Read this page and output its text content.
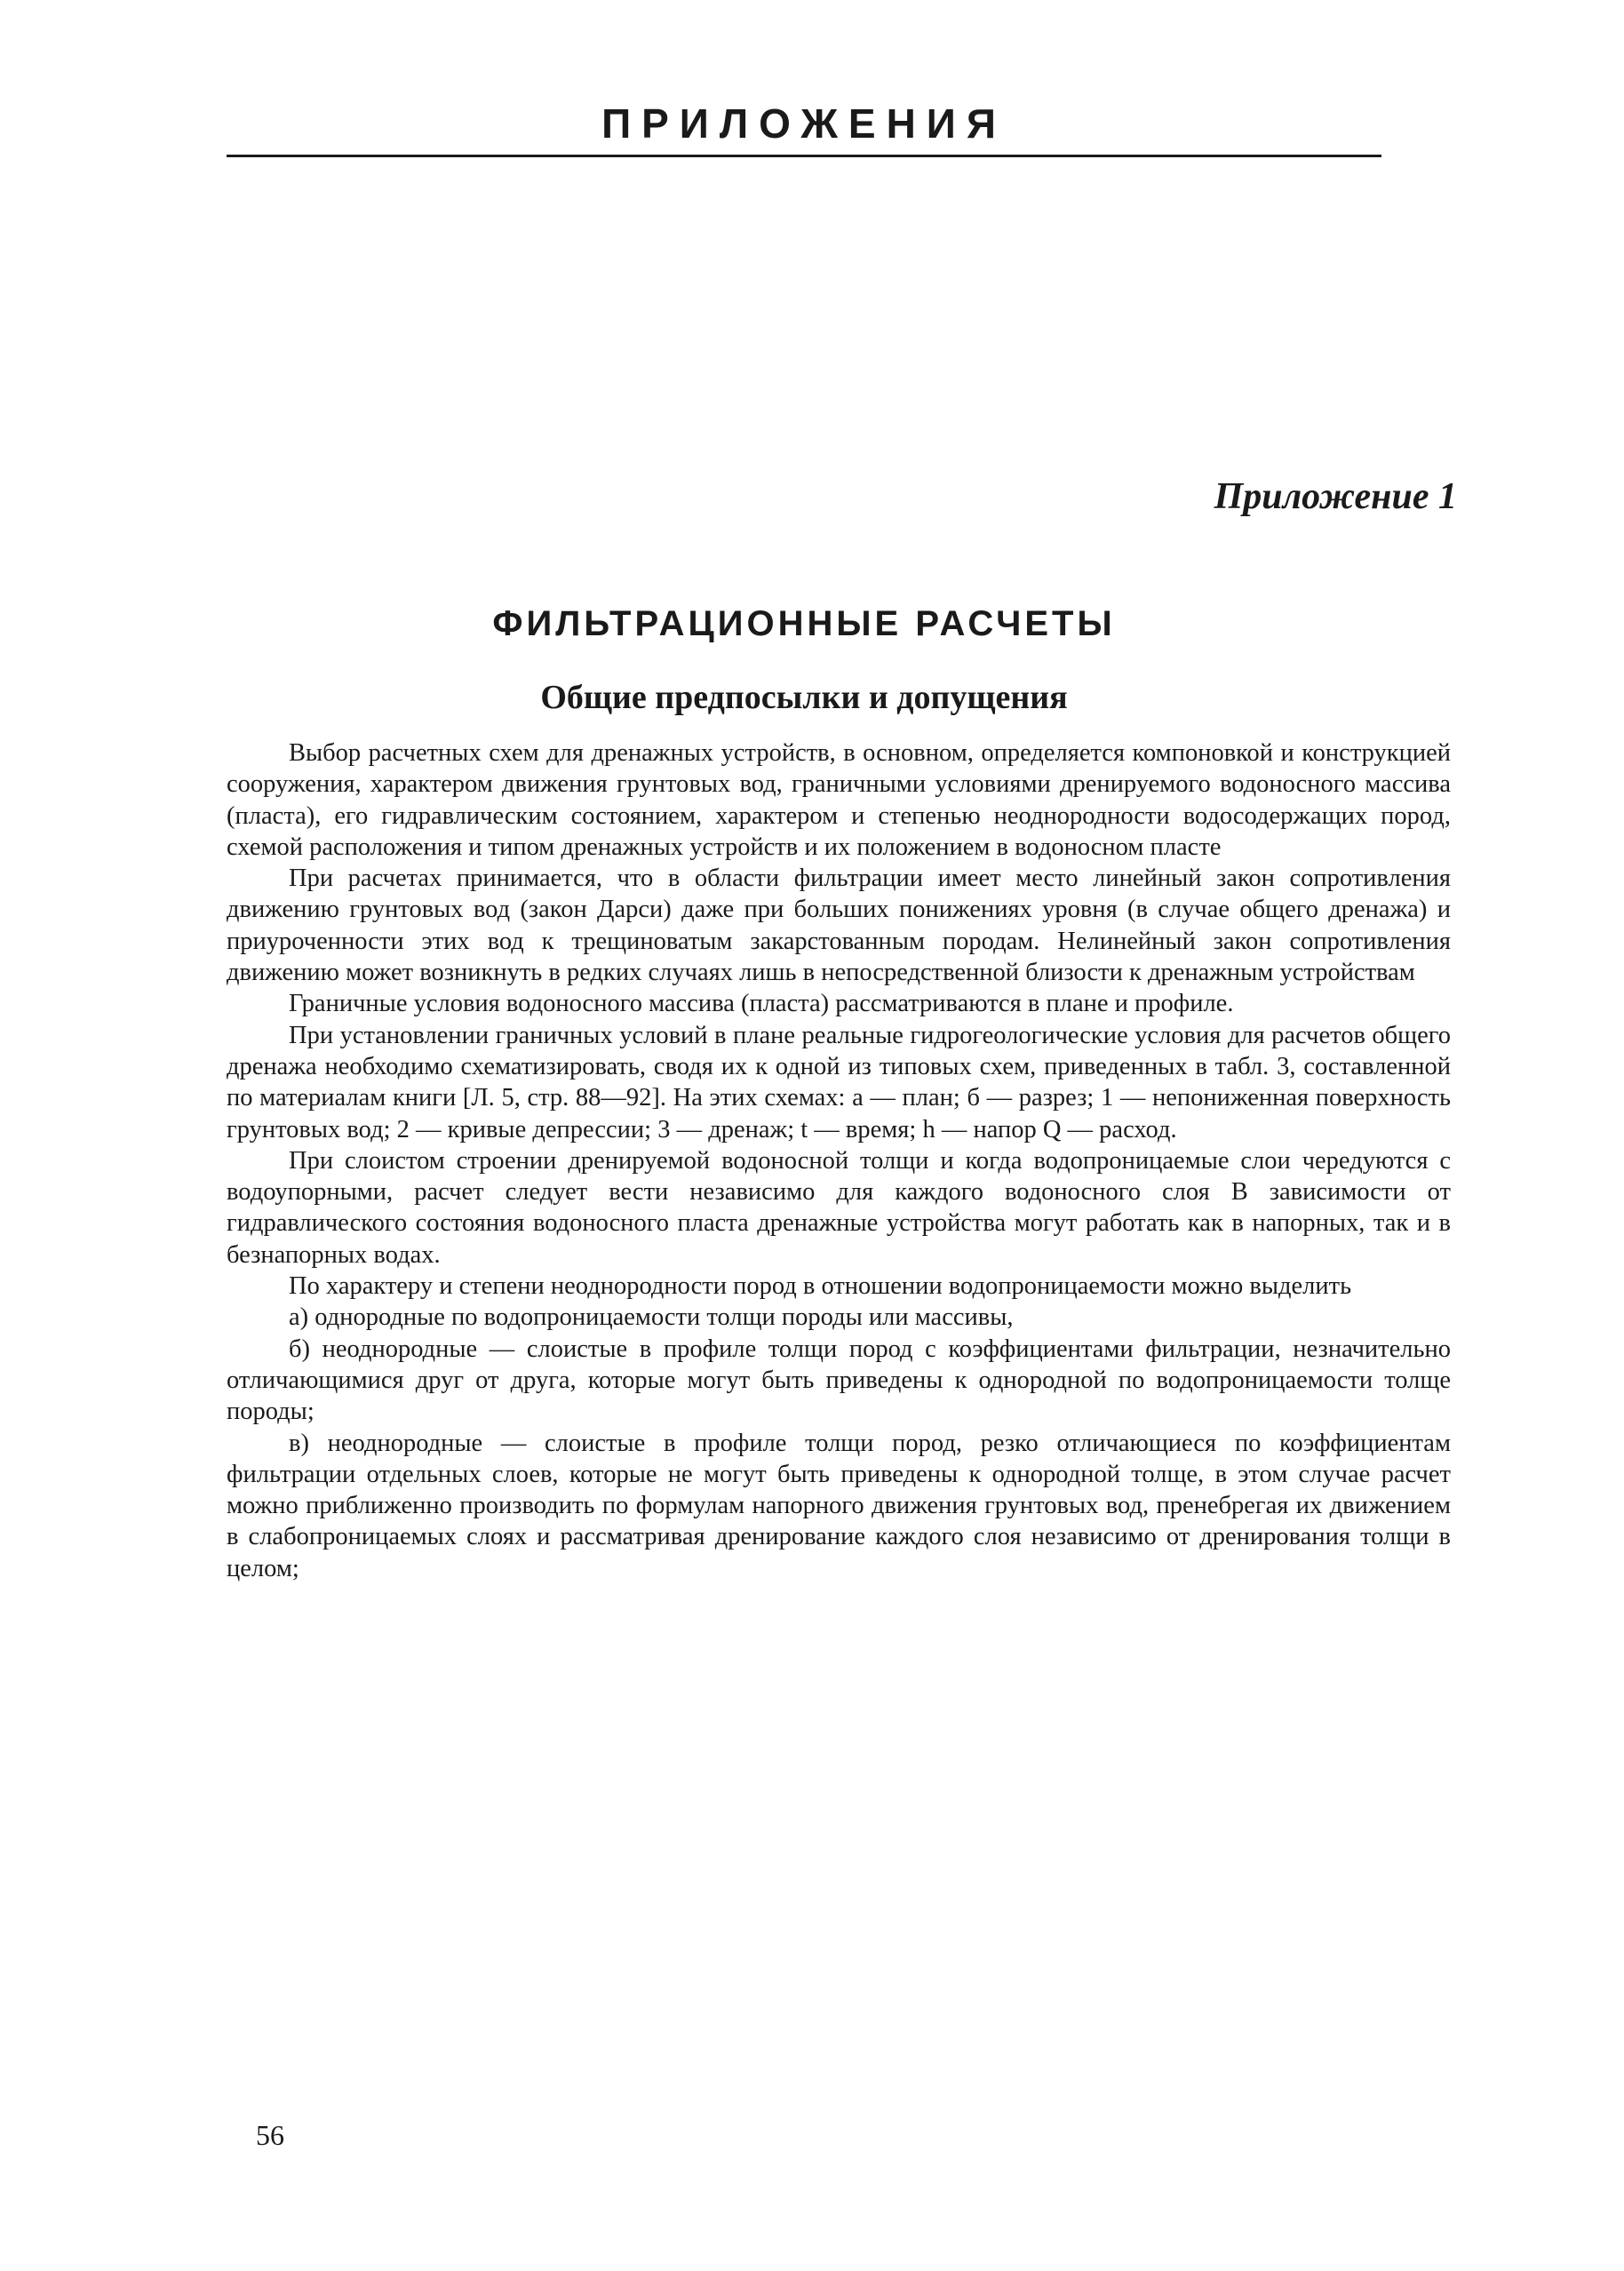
ПРИЛОЖЕНИЯ
Приложение 1
ФИЛЬТРАЦИОННЫЕ РАСЧЕТЫ
Общие предпосылки и допущения

Выбор расчетных схем для дренажных устройств, в основном, определяется компоновкой и конструкцией сооружения, характером движения грунтовых вод, граничными условиями дренируемого водоносного массива (пласта), его гидравлическим состоянием, характером и степенью неоднородности водосодержащих пород, схемой расположения и типом дренажных устройств и их положением в водоносном пласте

При расчетах принимается, что в области фильтрации имеет место линейный закон сопротивления движению грунтовых вод (закон Дарси) даже при больших понижениях уровня (в случае общего дренажа) и приуроченности этих вод к трещиноватым закарстованным породам. Нелинейный закон сопротивления движению может возникнуть в редких случаях лишь в непосредственной близости к дренажным устройствам

Граничные условия водоносного массива (пласта) рассматриваются в плане и профиле.

При установлении граничных условий в плане реальные гидрогеологические условия для расчетов общего дренажа необходимо схематизировать, сводя их к одной из типовых схем, приведенных в табл. 3, составленной по материалам книги [Л. 5, стр. 88—92]. На этих схемах: a — план; б — разрез; 1 — непониженная поверхность грунтовых вод; 2 — кривые депрессии; 3 — дренаж; t — время; h — напор Q — расход.

При слоистом строении дренируемой водоносной толщи и когда водопроницаемые слои чередуются с водоупорными, расчет следует вести независимо для каждого водоносного слоя В зависимости от гидравлического состояния водоносного пласта дренажные устройства могут работать как в напорных, так и в безнапорных водах.

По характеру и степени неоднородности пород в отношении водопроницаемости можно выделить

а) однородные по водопроницаемости толщи породы или массивы,

б) неоднородные — слоистые в профиле толщи пород с коэффициентами фильтрации, незначительно отличающимися друг от друга, которые могут быть приведены к однородной по водопроницаемости толще породы;

в) неоднородные — слоистые в профиле толщи пород, резко отличающиеся по коэффициентам фильтрации отдельных слоев, которые не могут быть приведены к однородной толще, в этом случае расчет можно приближенно производить по формулам напорного движения грунтовых вод, пренебрегая их движением в слабопроницаемых слоях и рассматривая дренирование каждого слоя независимо от дренирования толщи в целом;

56
